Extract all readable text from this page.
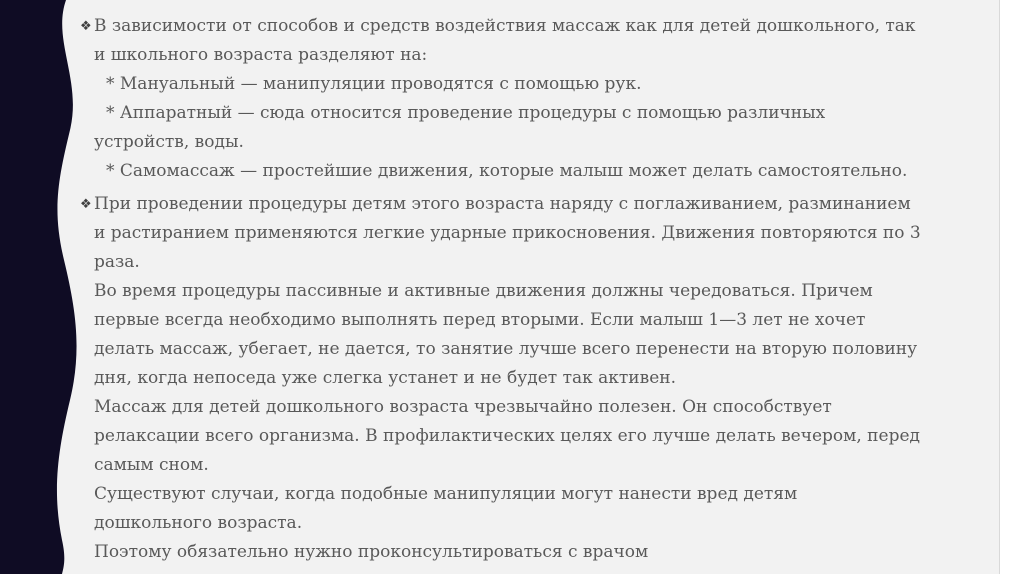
❖ В зависимости от способов и средств воздействия массаж как для детей дошкольного, так
и школьного возраста разделяют на:
* Мануальный — манипуляции проводятся с помощью рук.
* Аппаратный — сюда относится проведение процедуры с помощью различных
устройств, воды.
* Самомассаж — простейшие движения, которые малыш может делать самостоятельно.
❖ При проведении процедуры детям этого возраста наряду с поглаживанием, разминанием
и растиранием применяются легкие ударные прикосновения. Движения повторяются по 3
раза.
Во время процедуры пассивные и активные движения должны чередоваться. Причем
первые всегда необходимо выполнять перед вторыми. Если малыш 1—3 лет не хочет
делать массаж, убегает, не дается, то занятие лучше всего перенести на вторую половину
дня, когда непоседа уже слегка устанет и не будет так активен.
Массаж для детей дошкольного возраста чрезвычайно полезен. Он способствует
релаксации всего организма. В профилактических целях его лучше делать вечером, перед
самым сном.
Существуют случаи, когда подобные манипуляции могут нанести вред детям
дошкольного возраста.
Поэтому обязательно нужно проконсультироваться с врачом
